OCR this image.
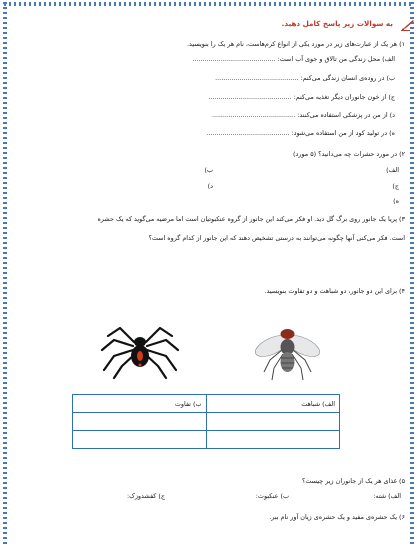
به سوالات زیر پاسخ کامل دهید.
۱) هر یک از عبارت‌های زیر در مورد یکی از انواع کرم‌هاست، نام هر یک را بنویسید.
الف) محل زندگی من تالاق و جوی آب است: .........................................
ب) در روده‌ی انسان زندگی می‌کنم: .........................................
ج) از خون جانوران دیگر تغذیه می‌کنم: .........................................
د) از من در پزشکی استفاده می‌کنند: .........................................
ه) در تولید کود از من استفاده می‌شود: .........................................
۲) در مورد حشرات چه می‌دانید؟ (۵ مورد)
الف)
ب)
ج)
د)
ه)
۳) پریا یک جانور روی برگ گل دید. او فکر می‌کند این جانور از گروه عنکبوتیان است اما مرضیه می‌گوید که یک حشره
است. فکر می‌کنی آنها چگونه می‌توانند به درستی تشخیص دهند که این جانور از کدام گروه است؟
۴) برای این دو جانور، دو شباهت و دو تفاوت بنویسید.
۵) غذای هر یک از جانوران زیر چیست؟
الف) شته:
ب) عنکبوت:
ج) کفشدوزک:
۶) یک حشره‌ی مفید و یک حشره‌ی زیان آور نام ببر.
الف) شباهت	ب) تفاوت
